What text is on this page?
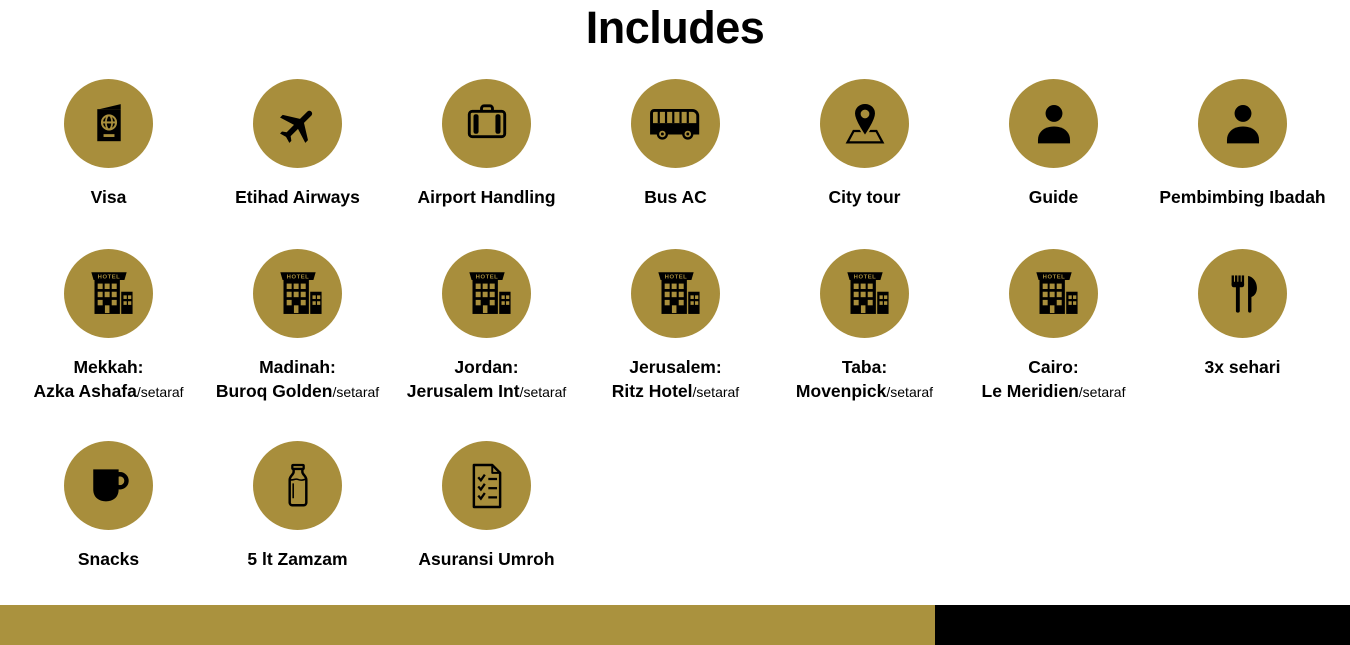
Includes
Visa	Etihad Airways	Airport Handling	Bus AC	City tour	Guide	Pembimbing Ibadah
Mekkah:
Azka Ashafa/setaraf
Madinah:
Buroq Golden/setaraf
Jordan:
Jerusalem Int/setaraf
Jerusalem:
Ritz Hotel/setaraf
Taba:
Movenpick/setaraf
Cairo:
Le Meridien/setaraf
3x sehari
Snacks	5 lt Zamzam	Asuransi Umroh
